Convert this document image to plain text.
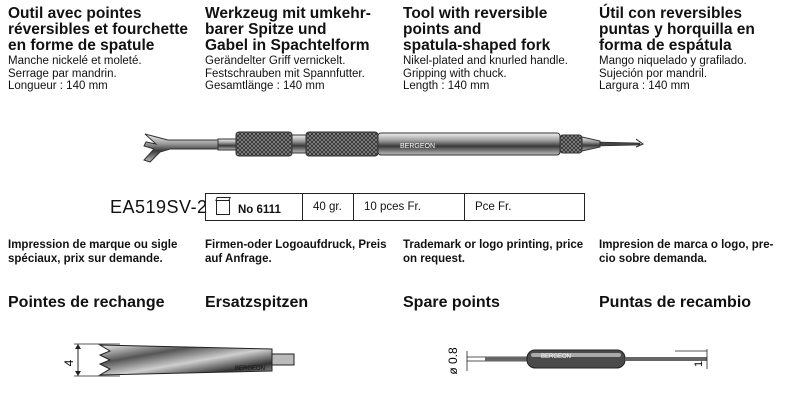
Outil avec pointes
réversibles et fourchette
en forme de spatule

Manche nickelé et moleté.
Serrage par mandrin.
Longueur : 140 mm

Werkzeug mit umkehr-
barer Spitze und
Gabel in Spachtelform

Gerändelter Griff vernickelt.
Festschrauben mit Spannfutter.
Gesamtlänge : 140 mm

Tool with reversible
points and
spatula-shaped fork

Nikel-plated and knurled handle.
Gripping with chuck.
Length : 140 mm

Útil con reversibles
puntas y horquilla en
forma de espátula

Mango niquelado y grafilado.
Sujeción por mandril.
Largura : 140 mm
BERGEON
EA519SV-2	No 6111	40 gr.	10 pces Fr.	Pce Fr.
Impression de marque ou sigle
spéciaux, prix sur demande.
Firmen-oder Logoaufdruck, Preis
auf Anfrage.
Trademark or logo printing, price
on request.
Impresion de marca o logo, pre-
cio sobre demanda.
Pointes de rechange	Ersatzspitzen	Spare points	Puntas de recambio
4
BERGEON	ø 0.8	BERGEON
1
